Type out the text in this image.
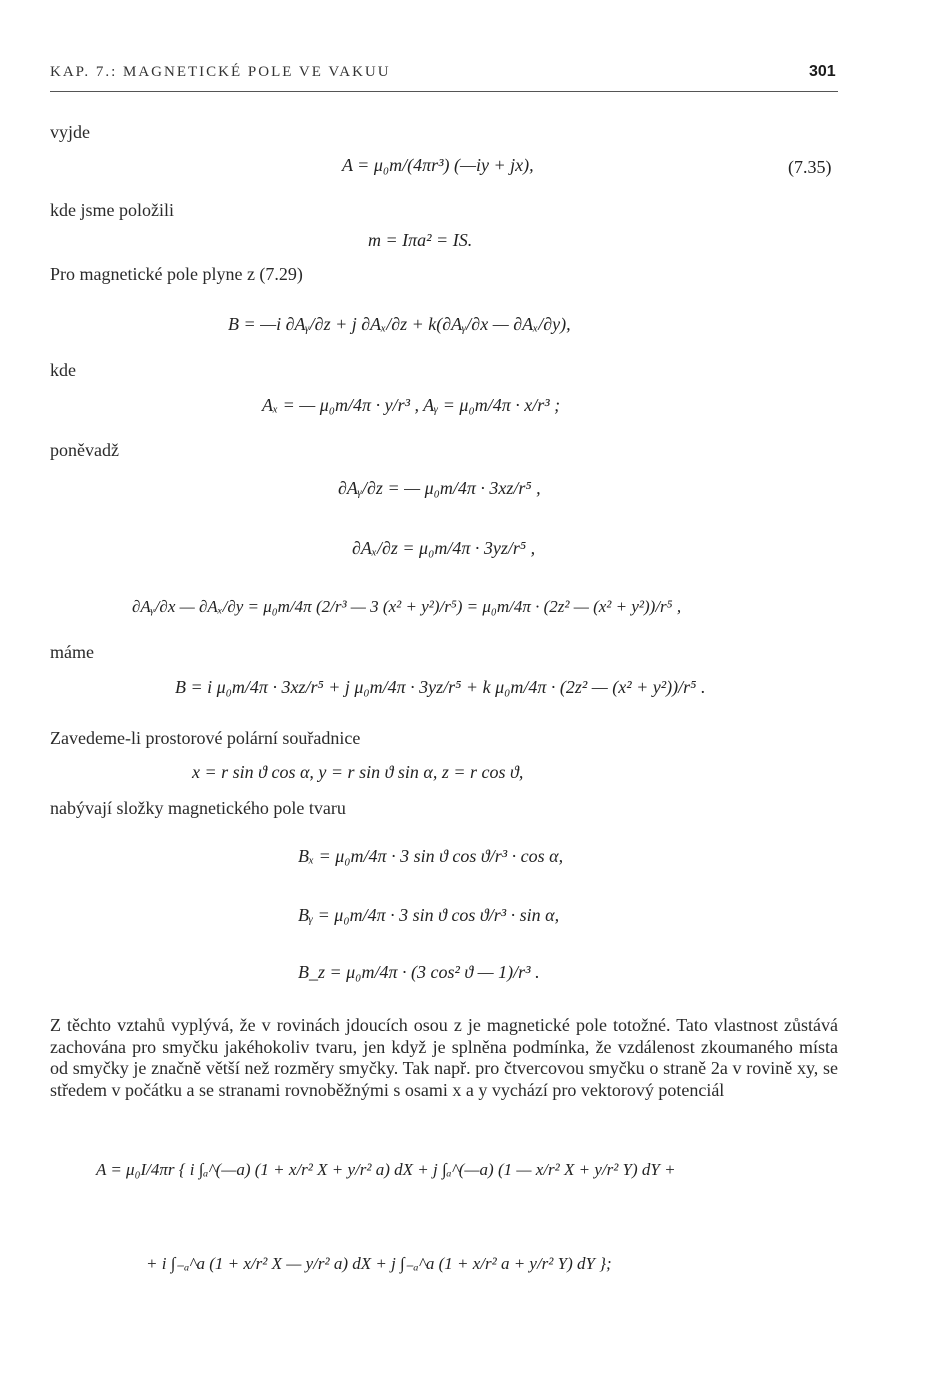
KAP. 7.: MAGNETICKÉ POLE VE VAKUU	301
vyjde
A = μ₀m/(4πr³) (—iy + jx),	(7.35)
kde jsme položili
m = Iπa² = IS.
Pro magnetické pole plyne z (7.29)
B = —i ∂Aᵧ/∂z + j ∂Aₓ/∂z + k(∂Aᵧ/∂x — ∂Aₓ/∂y),
kde
Aₓ = — μ₀m/4π · y/r³ , Aᵧ = μ₀m/4π · x/r³ ;
poněvadž
∂Aᵧ/∂z = — μ₀m/4π · 3xz/r⁵ ,
∂Aₓ/∂z = μ₀m/4π · 3yz/r⁵ ,
∂Aᵧ/∂x — ∂Aₓ/∂y = μ₀m/4π (2/r³ — 3 (x² + y²)/r⁵) = μ₀m/4π · (2z² — (x² + y²))/r⁵ ,
máme
B = i μ₀m/4π · 3xz/r⁵ + j μ₀m/4π · 3yz/r⁵ + k μ₀m/4π · (2z² — (x² + y²))/r⁵ .
Zavedeme-li prostorové polární souřadnice
x = r sin ϑ cos α, y = r sin ϑ sin α, z = r cos ϑ,
nabývají složky magnetického pole tvaru
Bₓ = μ₀m/4π · 3 sin ϑ cos ϑ/r³ · cos α,
Bᵧ = μ₀m/4π · 3 sin ϑ cos ϑ/r³ · sin α,
B_z = μ₀m/4π · (3 cos² ϑ — 1)/r³ .
Z těchto vztahů vyplývá, že v rovinách jdoucích osou z je magnetické pole totožné. Tato vlastnost zůstává zachována pro smyčku jakéhokoliv tvaru, jen když je splněna podmínka, že vzdálenost zkoumaného místa od smyčky je značně větší než rozměry smyčky. Tak např. pro čtvercovou smyčku o straně 2a v rovině xy, se středem v počátku a se stranami rovnoběžnými s osami x a y vychází pro vektorový potenciál
A = μ₀I/4πr { i ∫ₐ^(—a) (1 + x/r² X + y/r² a) dX + j ∫ₐ^(—a) (1 — x/r² X + y/r² Y) dY +
+ i ∫₋ₐ^a (1 + x/r² X — y/r² a) dX + j ∫₋ₐ^a (1 + x/r² a + y/r² Y) dY };
